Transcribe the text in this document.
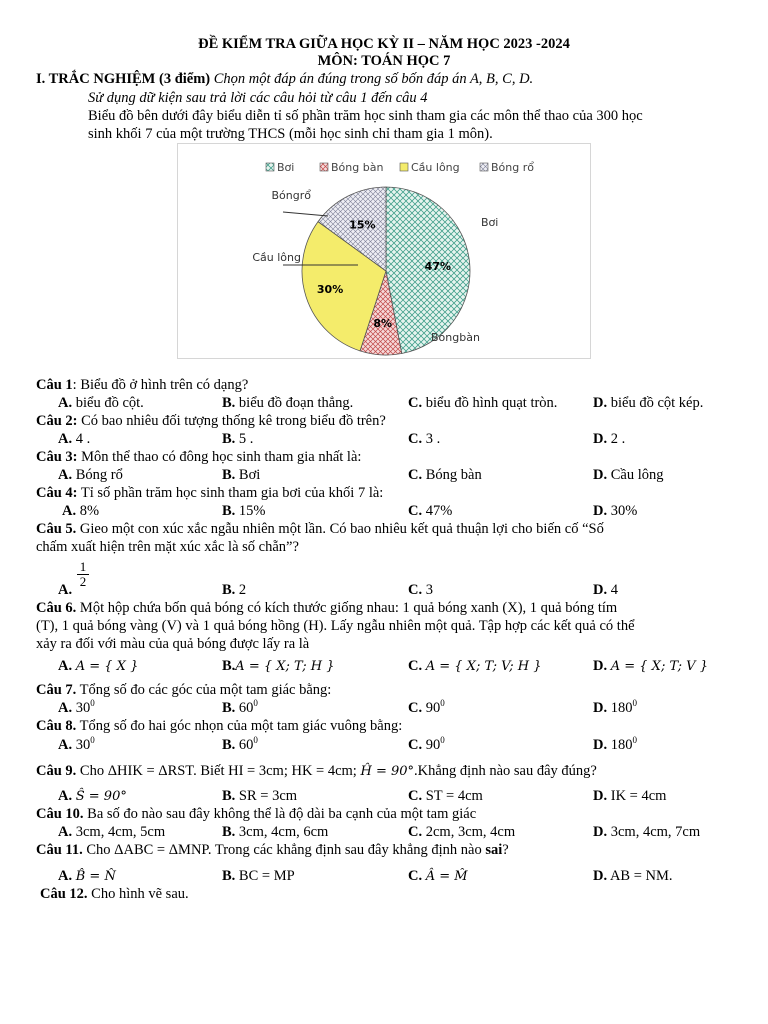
ĐỀ KIỂM TRA GIỮA HỌC KỲ II – NĂM HỌC 2023 -2024
MÔN: TOÁN HỌC 7
I. TRẮC NGHIỆM (3 điểm) Chọn một đáp án đúng trong số bốn đáp án A, B, C, D.
Sử dụng dữ kiện sau trả lời các câu hỏi từ câu 1 đến câu 4
Biểu đồ bên dưới đây biểu diễn tỉ số phần trăm học sinh tham gia các môn thể thao của 300 học
sinh khối 7 của một trường THCS (mỗi học sinh chỉ tham gia 1 môn).
Bơi	Bóng bàn	Cầu lông	Bóng rổ
47%
Bơi
8%
Bóngbàn
30%
Cầu lông
15%
Bóngrổ
Câu 1: Biểu đồ ở hình trên có dạng?
A. biểu đồ cột.	B. biểu đồ đoạn thẳng.	C. biểu đồ hình quạt tròn. D. biểu đồ cột kép.
Câu 2: Có bao nhiêu đối tượng thống kê trong biểu đồ trên?
A. 4 .	B. 5 .	C. 3 .	D. 2 .
Câu 3: Môn thể thao có đông học sinh tham gia nhất là:
A. Bóng rổ	B. Bơi	C. Bóng bàn	D. Cầu lông
Câu 4: Tỉ số phần trăm học sinh tham gia bơi của khối 7 là:
A. 8%	B. 15%	C. 47%	D. 30%
Câu 5. Gieo một con xúc xắc ngẫu nhiên một lần. Có bao nhiêu kết quả thuận lợi cho biến cố “Số
chấm xuất hiện trên mặt xúc xắc là số chẵn”?
A.
$\frac{1}{2}$
B. 2	C. 3	D. 4
Câu 6. Một hộp chứa bốn quả bóng có kích thước giống nhau: 1 quả bóng xanh (X), 1 quả bóng tím
(T), 1 quả bóng vàng (V) và 1 quả bóng hồng (H). Lấy ngẫu nhiên một quả. Tập hợp các kết quả có thể
xảy ra đối với màu của quả bóng được lấy ra là
A. A = { X }	B.A = { X; T; H }	C. A = { X; T; V; H }	D. A = { X; T; V }
Câu 7. Tổng số đo các góc của một tam giác bằng:
A. $30^0$	B. $60^0$	C. $90^0$	D. $180^0$
Câu 8. Tổng số đo hai góc nhọn của một tam giác vuông bằng:
A. $30^0$	B. $60^0$	C. $90^0$	D. $180^0$
Câu 9. Cho ΔHIK = ΔRST. Biết HI = 3cm; HK = 4cm; Ĥ = 90°.Khẳng định nào sau đây đúng?
A. Ŝ = 90°	B. SR = 3cm	C. ST = 4cm	D. IK = 4cm
Câu 10. Ba số đo nào sau đây không thể là độ dài ba cạnh của một tam giác
A. 3cm, 4cm, 5cm	B. 3cm, 4cm, 6cm	C. 2cm, 3cm, 4cm	D. 3cm, 4cm, 7cm
Câu 11. Cho ΔABC = ΔMNP. Trong các khẳng định sau đây khẳng định nào sai?
A. B̂ = N̂	B. BC = MP	C. Â = M̂	D. AB = NM.
Câu 12. Cho hình vẽ sau.
